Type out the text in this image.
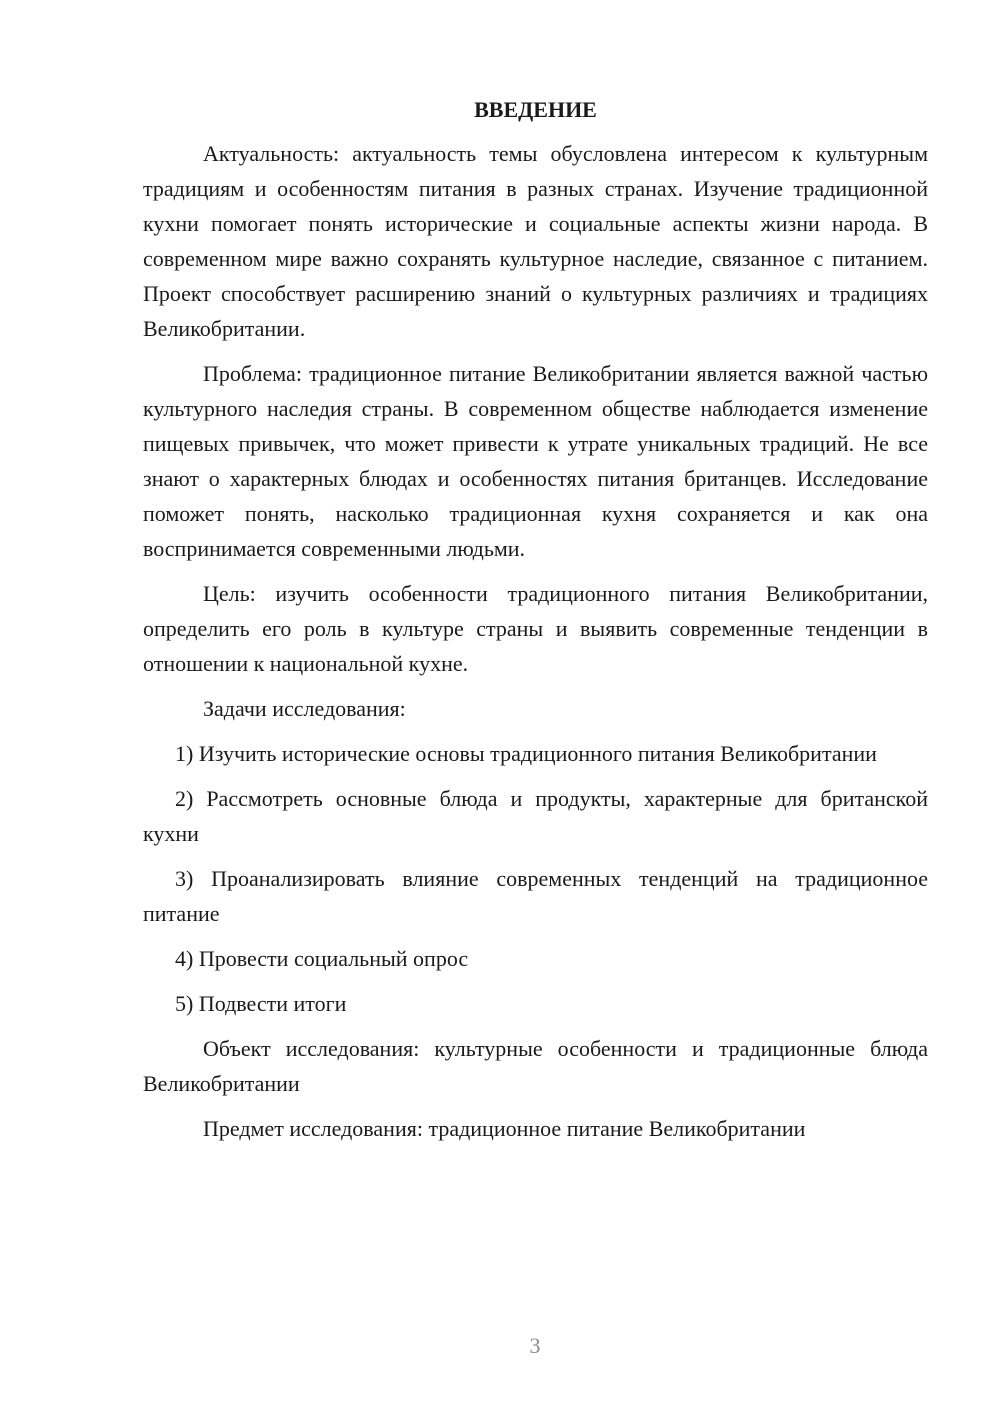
ВВЕДЕНИЕ

Актуальность: актуальность темы обусловлена интересом к культурным традициям и особенностям питания в разных странах. Изучение традиционной кухни помогает понять исторические и социальные аспекты жизни народа. В современном мире важно сохранять культурное наследие, связанное с питанием. Проект способствует расширению знаний о культурных различиях и традициях Великобритании.

Проблема: традиционное питание Великобритании является важной частью культурного наследия страны. В современном обществе наблюдается изменение пищевых привычек, что может привести к утрате уникальных традиций. Не все знают о характерных блюдах и особенностях питания британцев. Исследование поможет понять, насколько традиционная кухня сохраняется и как она воспринимается современными людьми.

Цель: изучить особенности традиционного питания Великобритании, определить его роль в культуре страны и выявить современные тенденции в отношении к национальной кухне.

Задачи исследования:

1) Изучить исторические основы традиционного питания Великобритании

2) Рассмотреть основные блюда и продукты, характерные для британской кухни

3) Проанализировать влияние современных тенденций на традиционное питание

4) Провести социальный опрос

5) Подвести итоги

Объект исследования: культурные особенности и традиционные блюда Великобритании

Предмет исследования: традиционное питание Великобритании

3
